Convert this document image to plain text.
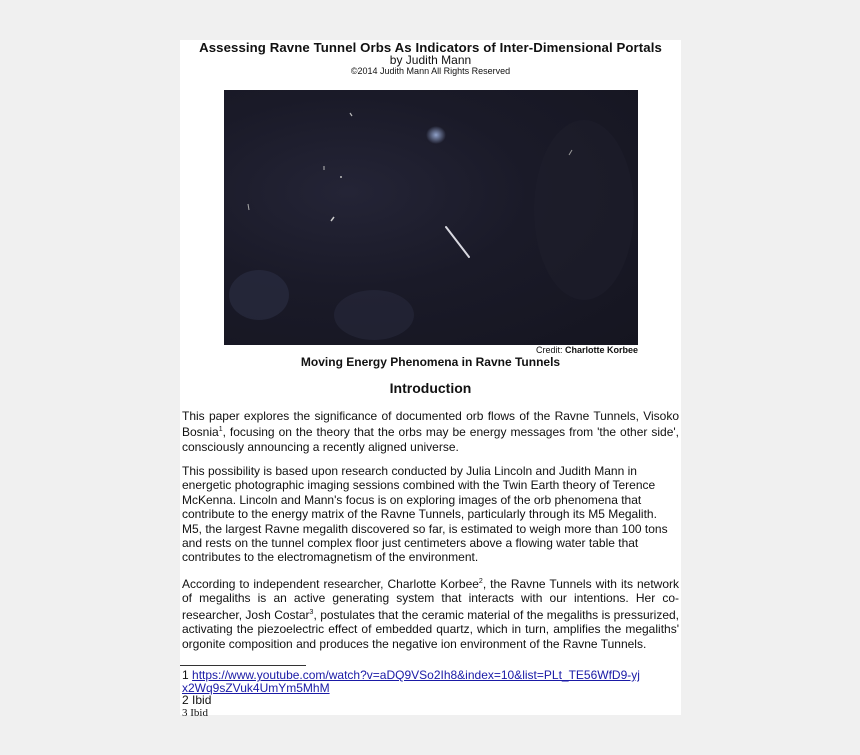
Assessing Ravne Tunnel Orbs As Indicators of Inter-Dimensional Portals
by Judith Mann
©2014 Judith Mann All Rights Reserved
Credit: Charlotte Korbee
Moving Energy Phenomena in Ravne Tunnels
Introduction
This paper explores the significance of documented orb flows of the Ravne Tunnels, Visoko Bosnia$^1$, focusing on the theory that the orbs may be energy messages from 'the other side', consciously announcing a recently aligned universe.
This possibility is based upon research conducted by Julia Lincoln and Judith Mann in energetic photographic imaging sessions combined with the Twin Earth theory of Terence McKenna. Lincoln and Mann's focus is on exploring images of the orb phenomena that contribute to the energy matrix of the Ravne Tunnels, particularly through its M5 Megalith. M5, the largest Ravne megalith discovered so far, is estimated to weigh more than 100 tons and rests on the tunnel complex floor just centimeters above a flowing water table that contributes to the electromagnetism of the environment.
According to independent researcher, Charlotte Korbee$^2$, the Ravne Tunnels with its network of megaliths is an active generating system that interacts with our intentions. Her co-researcher, Josh Costar$^3$, postulates that the ceramic material of the megaliths is pressurized, activating the piezoelectric effect of embedded quartz, which in turn, amplifies the megaliths' orgonite composition and produces the negative ion environment of the Ravne Tunnels.
1 https://www.youtube.com/watch?v=aDQ9VSo2Ih8&index=10&list=PLt_TE56WfD9-yjx2Wq9sZVuk4UmYm5MhM
2 Ibid
3 Ibid
